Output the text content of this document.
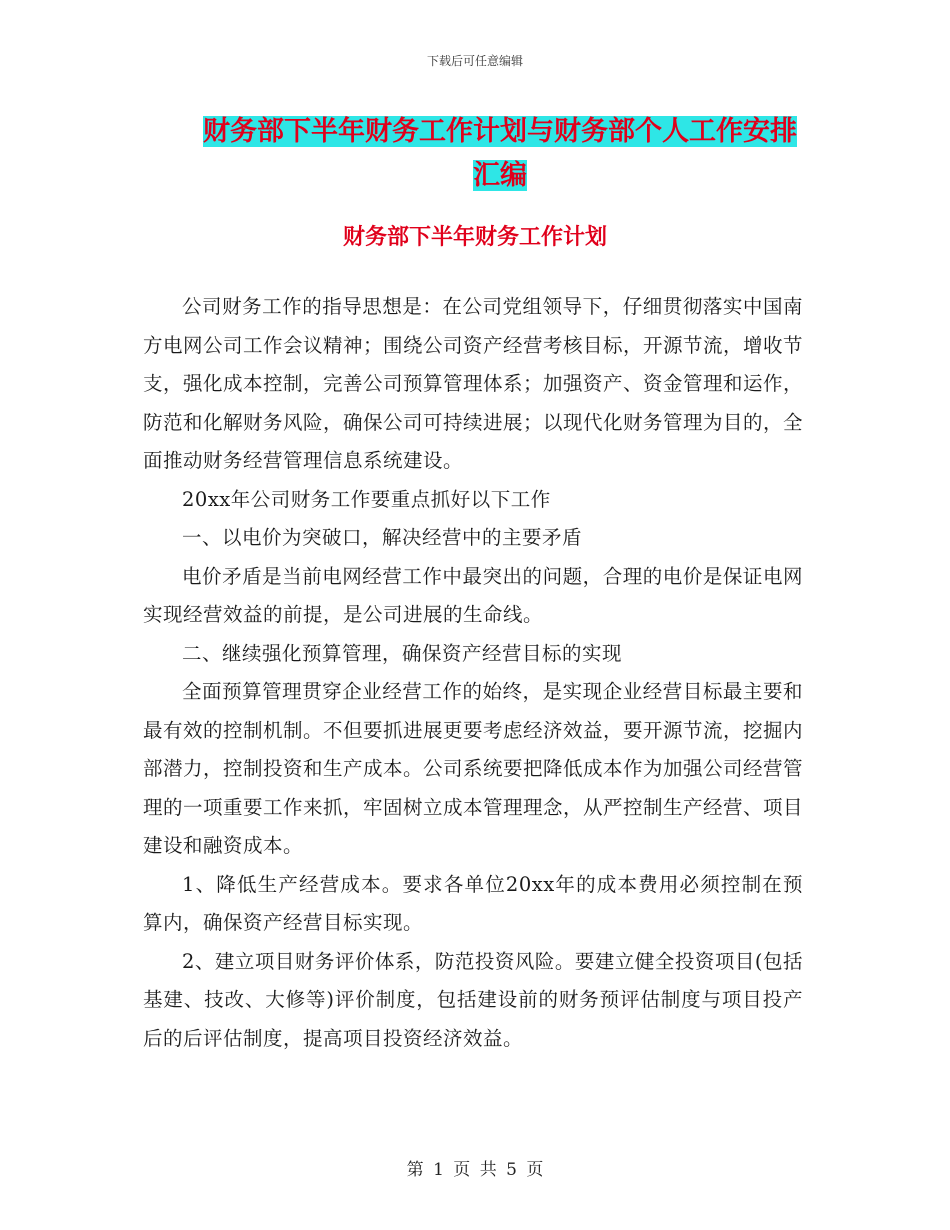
下载后可任意编辑
财务部下半年财务工作计划与财务部个人工作安排汇编
财务部下半年财务工作计划

公司财务工作的指导思想是：在公司党组领导下，仔细贯彻落实中国南方电网公司工作会议精神；围绕公司资产经营考核目标，开源节流，增收节支，强化成本控制，完善公司预算管理体系；加强资产、资金管理和运作，防范和化解财务风险，确保公司可持续进展；以现代化财务管理为目的，全面推动财务经营管理信息系统建设。

20xx年公司财务工作要重点抓好以下工作

一、以电价为突破口，解决经营中的主要矛盾

电价矛盾是当前电网经营工作中最突出的问题，合理的电价是保证电网实现经营效益的前提，是公司进展的生命线。

二、继续强化预算管理，确保资产经营目标的实现

全面预算管理贯穿企业经营工作的始终，是实现企业经营目标最主要和最有效的控制机制。不但要抓进展更要考虑经济效益，要开源节流，挖掘内部潜力，控制投资和生产成本。公司系统要把降低成本作为加强公司经营管理的一项重要工作来抓，牢固树立成本管理理念，从严控制生产经营、项目建设和融资成本。

1、降低生产经营成本。要求各单位20xx年的成本费用必须控制在预算内，确保资产经营目标实现。

2、建立项目财务评价体系，防范投资风险。要建立健全投资项目(包括基建、技改、大修等)评价制度，包括建设前的财务预评估制度与项目投产后的后评估制度，提高项目投资经济效益。

第 1 页 共 5 页
